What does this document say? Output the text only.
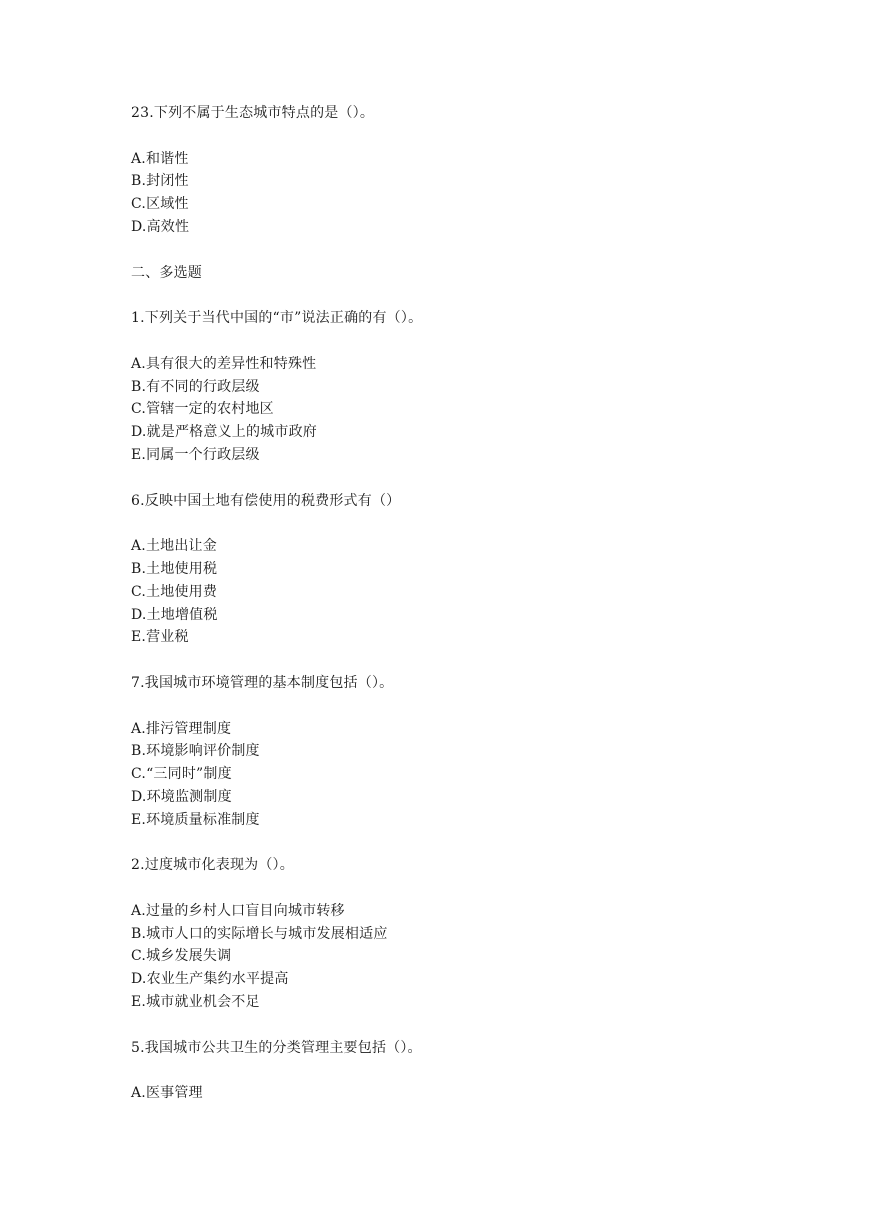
23.下列不属于生态城市特点的是（）。
A.和谐性
B.封闭性
C.区域性
D.高效性
二、多选题
1.下列关于当代中国的“市”说法正确的有（）。
A.具有很大的差异性和特殊性
B.有不同的行政层级
C.管辖一定的农村地区
D.就是严格意义上的城市政府
E.同属一个行政层级
6.反映中国土地有偿使用的税费形式有（）
A.土地出让金
B.土地使用税
C.土地使用费
D.土地增值税
E.营业税
7.我国城市环境管理的基本制度包括（）。
A.排污管理制度
B.环境影响评价制度
C.“三同时”制度
D.环境监测制度
E.环境质量标准制度
2.过度城市化表现为（）。
A.过量的乡村人口盲目向城市转移
B.城市人口的实际增长与城市发展相适应
C.城乡发展失调
D.农业生产集约水平提高
E.城市就业机会不足
5.我国城市公共卫生的分类管理主要包括（）。
A.医事管理
